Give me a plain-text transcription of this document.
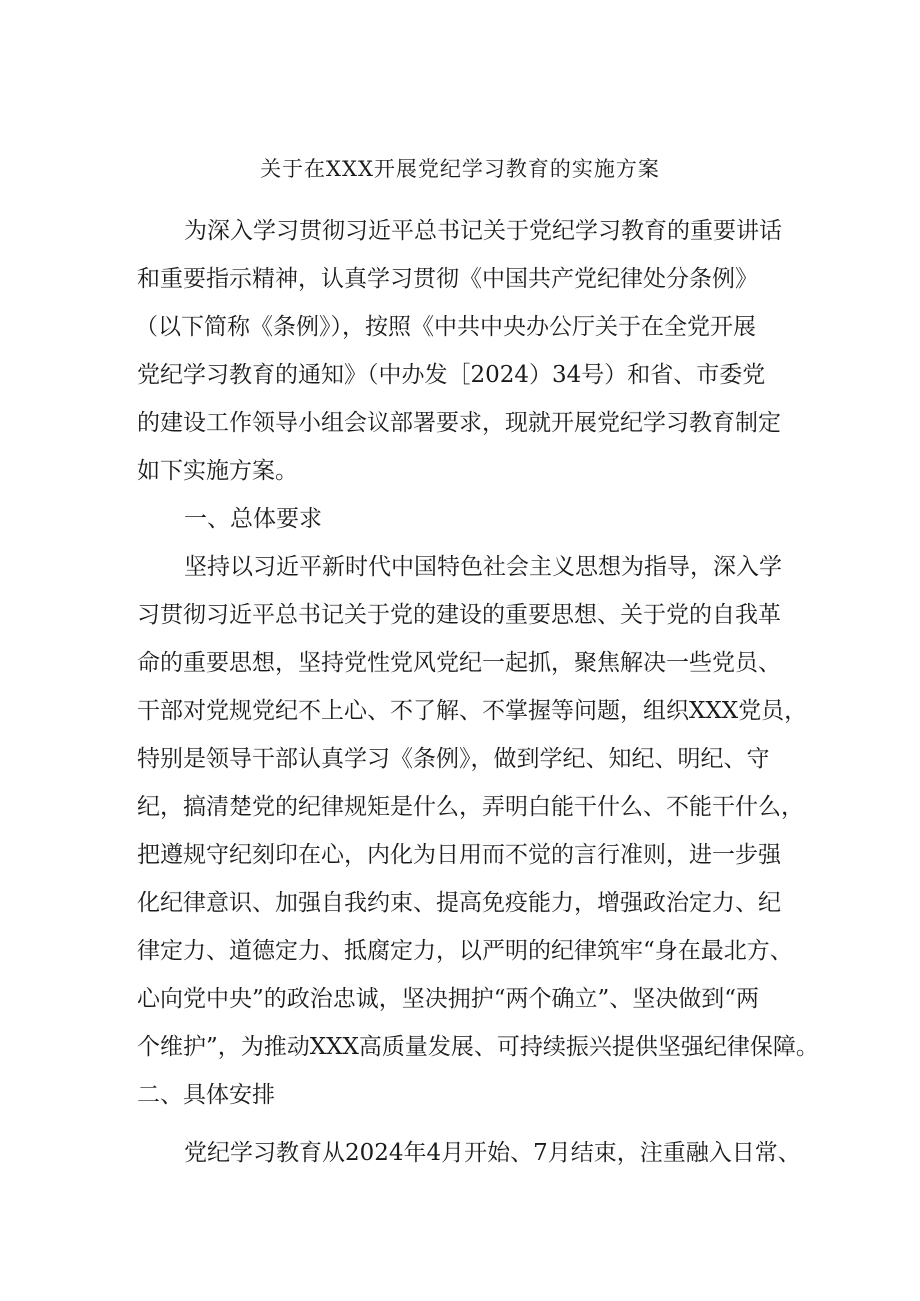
关于在XXX开展党纪学习教育的实施方案
为深入学习贯彻习近平总书记关于党纪学习教育的重要讲话
和重要指示精神，认真学习贯彻《中国共产党纪律处分条例》
（以下简称《条例》），按照《中共中央办公厅关于在全党开展
党纪学习教育的通知》（中办发［2024）34号）和省、市委党
的建设工作领导小组会议部署要求，现就开展党纪学习教育制定
如下实施方案。
一、总体要求
坚持以习近平新时代中国特色社会主义思想为指导，深入学
习贯彻习近平总书记关于党的建设的重要思想、关于党的自我革
命的重要思想，坚持党性党风党纪一起抓，聚焦解决一些党员、
干部对党规党纪不上心、不了解、不掌握等问题，组织XXX党员，
特别是领导干部认真学习《条例》，做到学纪、知纪、明纪、守
纪，搞清楚党的纪律规矩是什么，弄明白能干什么、不能干什么，
把遵规守纪刻印在心，内化为日用而不觉的言行准则，进一步强
化纪律意识、加强自我约束、提高免疫能力，增强政治定力、纪
律定力、道德定力、抵腐定力，以严明的纪律筑牢“身在最北方、
心向党中央”的政治忠诚，坚决拥护“两个确立”、坚决做到“两
个维护”，为推动XXX高质量发展、可持续振兴提供坚强纪律保障。
二、具体安排
党纪学习教育从2024年4月开始、7月结束，注重融入日常、
